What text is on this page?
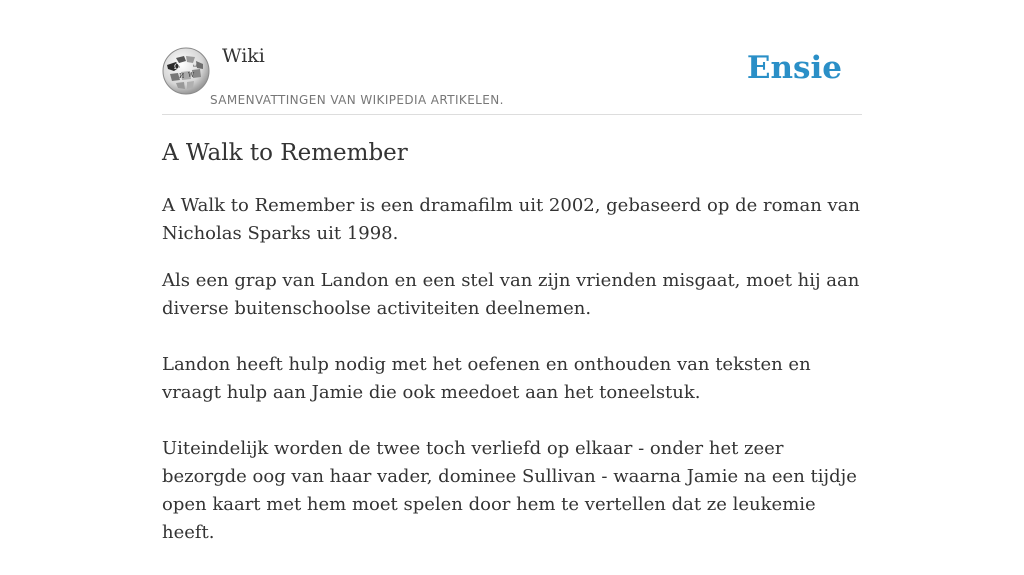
Ω
W
И
ω Wiki
SAMENVATTINGEN VAN WIKIPEDIA ARTIKELEN.
Ensie
A Walk to Remember

A Walk to Remember is een dramafilm uit 2002, gebaseerd op de roman van Nicholas Sparks uit 1998.

Als een grap van Landon en een stel van zijn vrienden misgaat, moet hij aan diverse buitenschoolse activiteiten deelnemen.

Landon heeft hulp nodig met het oefenen en onthouden van teksten en vraagt hulp aan Jamie die ook meedoet aan het toneelstuk.

Uiteindelijk worden de twee toch verliefd op elkaar - onder het zeer bezorgde oog van haar vader, dominee Sullivan - waarna Jamie na een tijdje open kaart met hem moet spelen door hem te vertellen dat ze leukemie heeft.
